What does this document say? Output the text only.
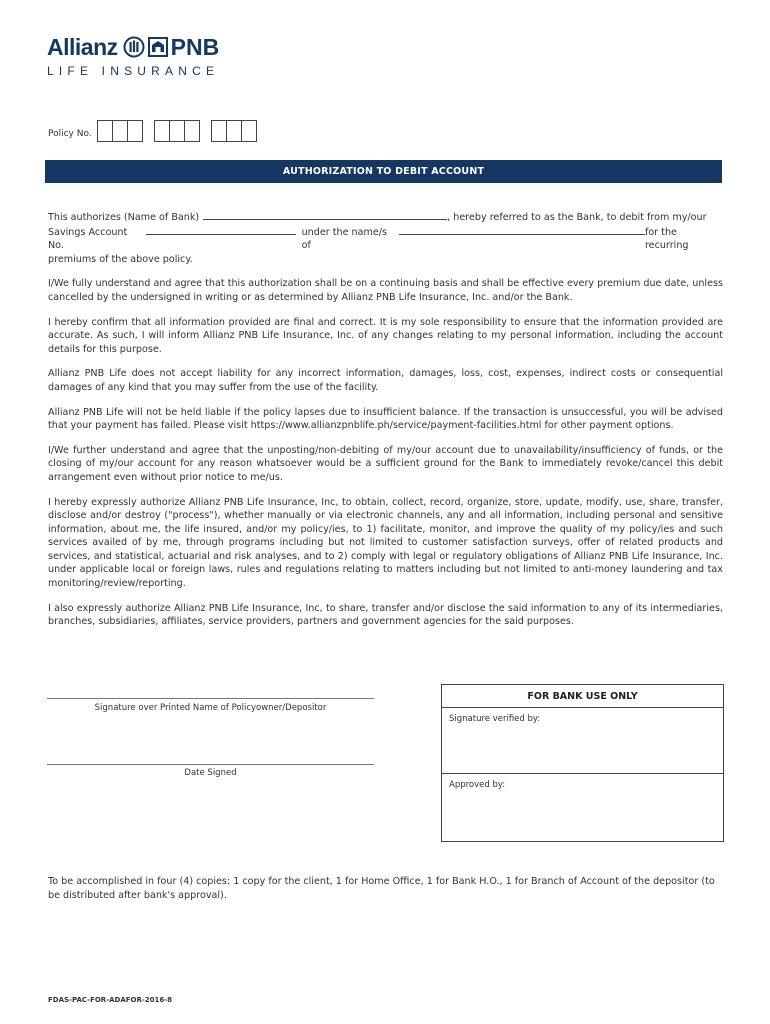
Allianz PNB
LIFE INSURANCE
Policy No.
AUTHORIZATION TO DEBIT ACCOUNT
This authorizes (Name of Bank)	, hereby referred to as the Bank, to debit from my/our
Savings Account No.
under the name/s of
for the recurring

premiums of the above policy.

I/We fully understand and agree that this authorization shall be on a continuing basis and shall be effective every premium due date, unless cancelled by the undersigned in writing or as determined by Allianz PNB Life Insurance, Inc. and/or the Bank.

I hereby confirm that all information provided are final and correct. It is my sole responsibility to ensure that the information provided are accurate. As such, I will inform Allianz PNB Life Insurance, Inc. of any changes relating to my personal information, including the account details for this purpose.

Allianz PNB Life does not accept liability for any incorrect information, damages, loss, cost, expenses, indirect costs or consequential damages of any kind that you may suffer from the use of the facility.

Allianz PNB Life will not be held liable if the policy lapses due to insufficient balance. If the transaction is unsuccessful, you will be advised that your payment has failed. Please visit https://www.allianzpnblife.ph/service/payment-facilities.html for other payment options.

I/We further understand and agree that the unposting/non-debiting of my/our account due to unavailability/insufficiency of funds, or the closing of my/our account for any reason whatsoever would be a sufficient ground for the Bank to immediately revoke/cancel this debit arrangement even without prior notice to me/us.

I hereby expressly authorize Allianz PNB Life Insurance, Inc, to obtain, collect, record, organize, store, update, modify, use, share, transfer, disclose and/or destroy ("process"), whether manually or via electronic channels, any and all information, including personal and sensitive information, about me, the life insured, and/or my policy/ies, to 1) facilitate, monitor, and improve the quality of my policy/ies and such services availed of by me, through programs including but not limited to customer satisfaction surveys, offer of related products and services, and statistical, actuarial and risk analyses, and to 2) comply with legal or regulatory obligations of Allianz PNB Life Insurance, Inc. under applicable local or foreign laws, rules and regulations relating to matters including but not limited to anti-money laundering and tax monitoring/review/reporting.

I also expressly authorize Allianz PNB Life Insurance, Inc, to share, transfer and/or disclose the said information to any of its intermediaries, branches, subsidiaries, affiliates, service providers, partners and government agencies for the said purposes.

Signature over Printed Name of Policyowner/Depositor
Date Signed
FOR BANK USE ONLY
Signature verified by:
Approved by:
To be accomplished in four (4) copies: 1 copy for the client, 1 for Home Office, 1 for Bank H.O., 1 for Branch of Account of the depositor (to be distributed after bank's approval).
FDAS-PAC-FOR-ADAFOR-2016-8
